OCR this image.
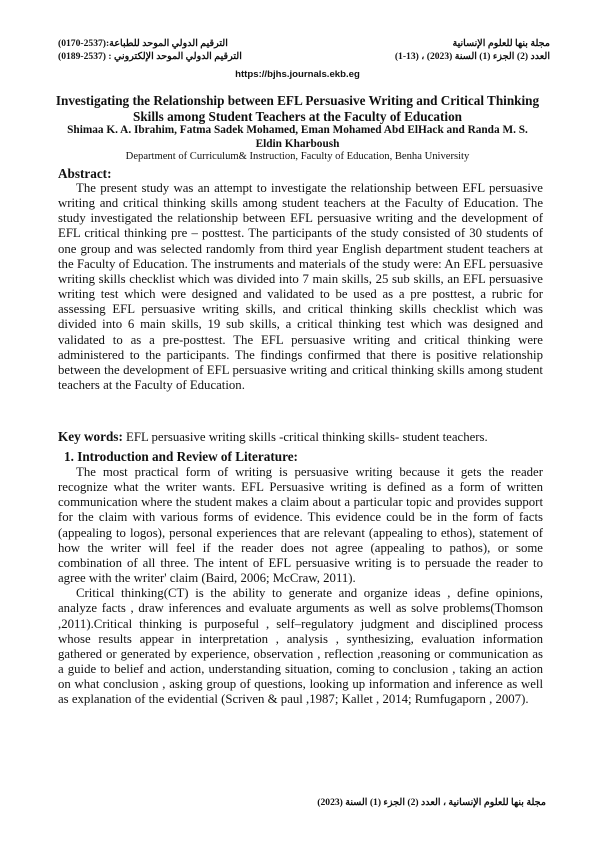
مجلة بنها للعلوم الإنسانية
العدد (2) الجزء (1) السنة (2023) ، (13-1)
الترقيم الدولي الموحد للطباعة:(2537-0170)
الترقيم الدولي الموحد الإلكتروني : (2537-0189)
https://bjhs.journals.ekb.eg
Investigating the Relationship between EFL Persuasive Writing and Critical Thinking Skills among Student Teachers at the Faculty of Education
Shimaa K. A. Ibrahim, Fatma Sadek Mohamed, Eman Mohamed Abd ElHack and Randa M. S. Eldin Kharboush
Department of Curriculum& Instruction, Faculty of Education, Benha University
Abstract:

The present study was an attempt to investigate the relationship between EFL persuasive writing and critical thinking skills among student teachers at the Faculty of Education. The study investigated the relationship between EFL persuasive writing and the development of EFL critical thinking pre – posttest. The participants of the study consisted of 30 students of one group and was selected randomly from third year English department student teachers at the Faculty of Education. The instruments and materials of the study were: An EFL persuasive writing skills checklist which was divided into 7 main skills, 25 sub skills, an EFL persuasive writing test which were designed and validated to be used as a pre posttest, a rubric for assessing EFL persuasive writing skills, and critical thinking skills checklist which was divided into 6 main skills, 19 sub skills, a critical thinking test which was designed and validated to as a pre-posttest. The EFL persuasive writing and critical thinking were administered to the participants. The findings confirmed that there is positive relationship between the development of EFL persuasive writing and critical thinking skills among student teachers at the Faculty of Education.

Key words: EFL persuasive writing skills -critical thinking skills- student teachers.
1. Introduction and Review of Literature:

The most practical form of writing is persuasive writing because it gets the reader recognize what the writer wants. EFL Persuasive writing is defined as a form of written communication where the student makes a claim about a particular topic and provides support for the claim with various forms of evidence. This evidence could be in the form of facts (appealing to logos), personal experiences that are relevant (appealing to ethos), statement of how the writer will feel if the reader does not agree (appealing to pathos), or some combination of all three. The intent of EFL persuasive writing is to persuade the reader to agree with the writer' claim (Baird, 2006; McCraw, 2011).

Critical thinking(CT) is the ability to generate and organize ideas , define opinions, analyze facts , draw inferences and evaluate arguments as well as solve problems(Thomson ,2011).Critical thinking is purposeful , self–regulatory judgment and disciplined process whose results appear in interpretation , analysis , synthesizing, evaluation information gathered or generated by experience, observation , reflection ,reasoning or communication as a guide to belief and action, understanding situation, coming to conclusion , taking an action on what conclusion , asking group of questions, looking up information and inference as well as explanation of the evidential (Scriven & paul ,1987; Kallet , 2014; Rumfugaporn , 2007).

مجلة بنها للعلوم الإنسانية ، العدد (2) الجزء (1) السنة (2023)
